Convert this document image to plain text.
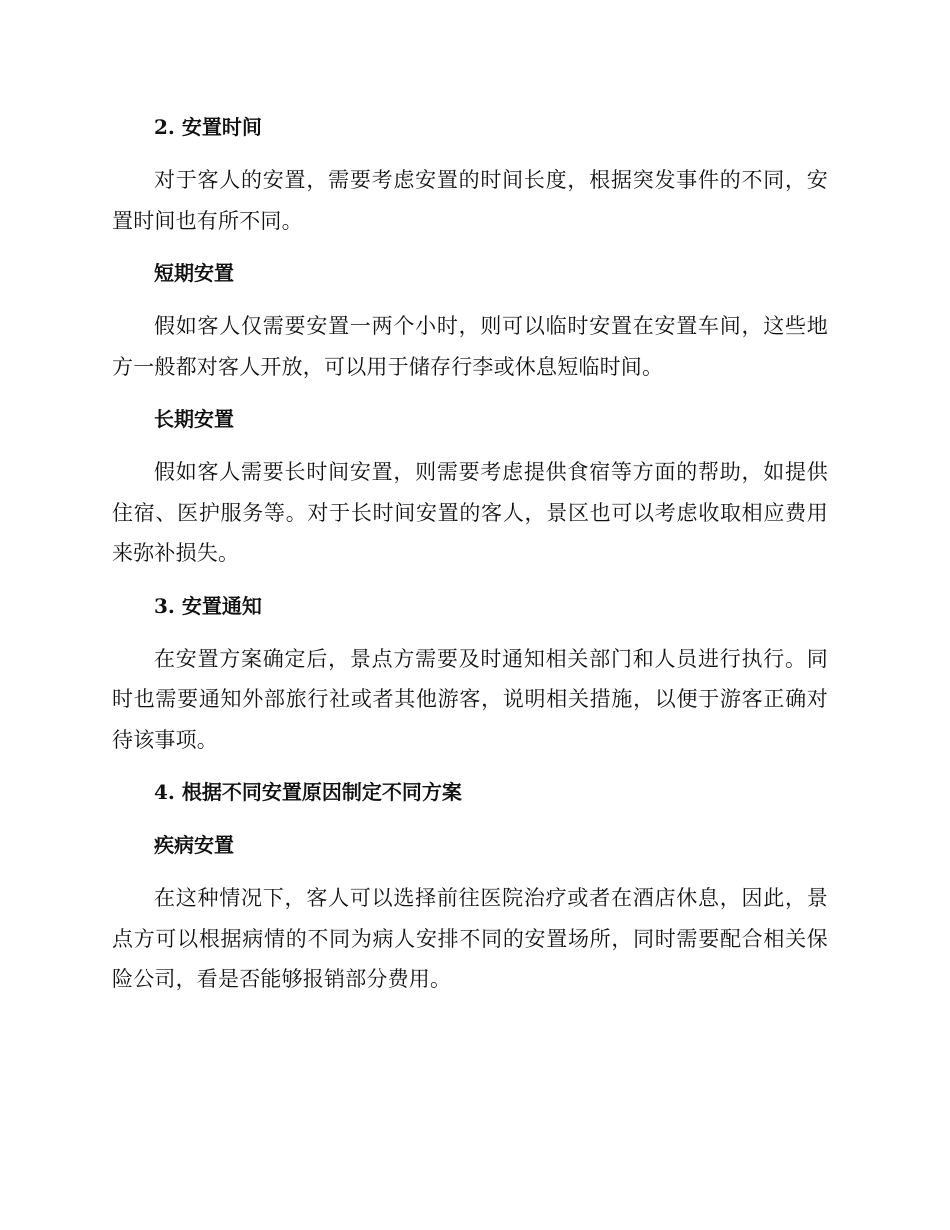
2. 安置时间

对于客人的安置，需要考虑安置的时间长度，根据突发事件的不同，安置时间也有所不同。

短期安置

假如客人仅需要安置一两个小时，则可以临时安置在安置车间，这些地方一般都对客人开放，可以用于储存行李或休息短临时间。

长期安置

假如客人需要长时间安置，则需要考虑提供食宿等方面的帮助，如提供住宿、医护服务等。对于长时间安置的客人，景区也可以考虑收取相应费用来弥补损失。

3. 安置通知

在安置方案确定后，景点方需要及时通知相关部门和人员进行执行。同时也需要通知外部旅行社或者其他游客，说明相关措施，以便于游客正确对待该事项。

4. 根据不同安置原因制定不同方案
疾病安置

在这种情况下，客人可以选择前往医院治疗或者在酒店休息，因此，景点方可以根据病情的不同为病人安排不同的安置场所，同时需要配合相关保险公司，看是否能够报销部分费用。
